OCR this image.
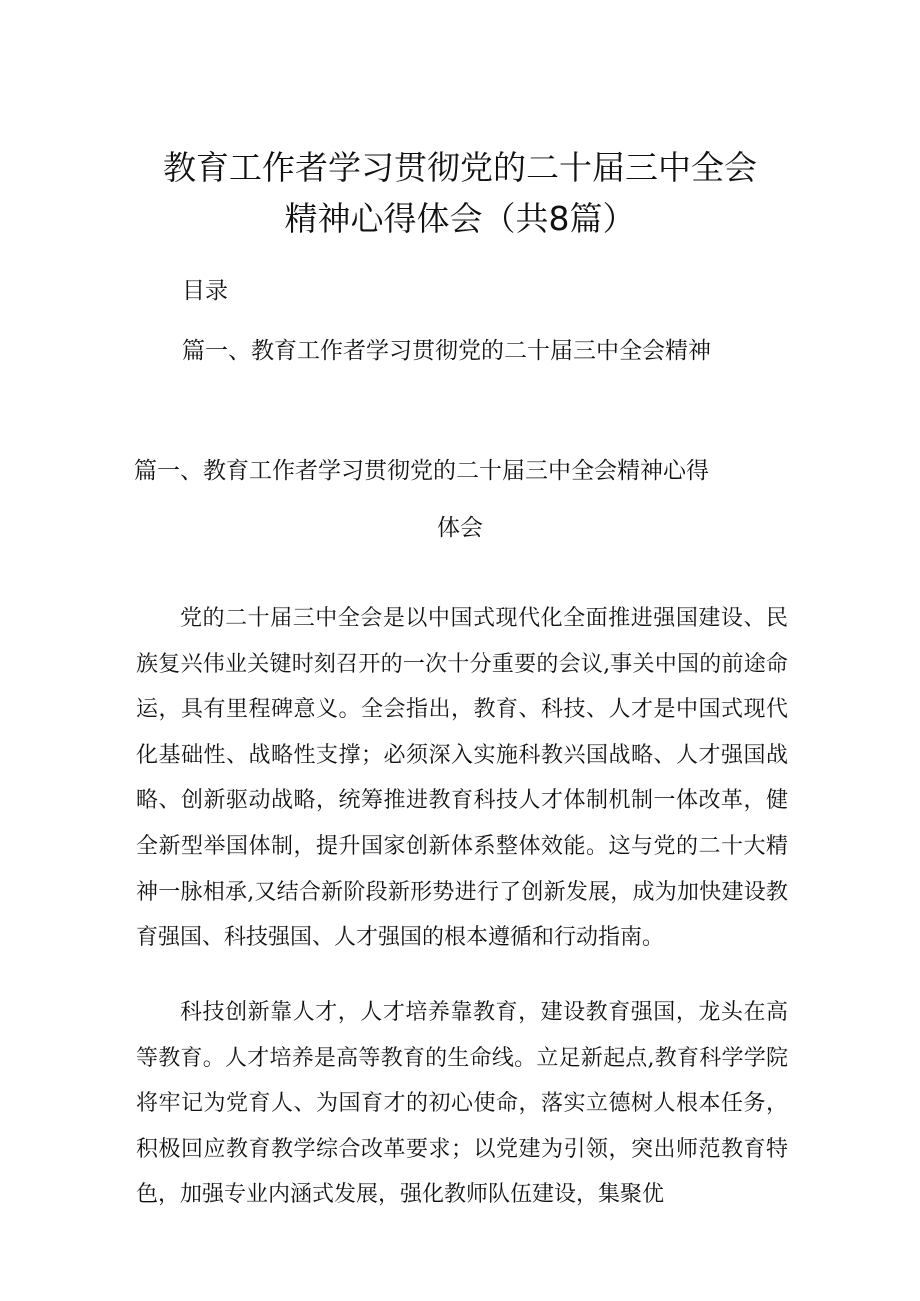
教育工作者学习贯彻党的二十届三中全会
精神心得体会（共8篇）
目录
篇一、教育工作者学习贯彻党的二十届三中全会精神
篇一、教育工作者学习贯彻党的二十届三中全会精神心得
体会

党的二十届三中全会是以中国式现代化全面推进强国建设、民族复兴伟业关键时刻召开的一次十分重要的会议,事关中国的前途命运，具有里程碑意义。全会指出，教育、科技、人才是中国式现代化基础性、战略性支撑；必须深入实施科教兴国战略、人才强国战略、创新驱动战略，统筹推进教育科技人才体制机制一体改革，健全新型举国体制，提升国家创新体系整体效能。这与党的二十大精神一脉相承,又结合新阶段新形势进行了创新发展，成为加快建设教育强国、科技强国、人才强国的根本遵循和行动指南。

科技创新靠人才，人才培养靠教育，建设教育强国，龙头在高等教育。人才培养是高等教育的生命线。立足新起点,教育科学学院将牢记为党育人、为国育才的初心使命，落实立德树人根本任务，积极回应教育教学综合改革要求；以党建为引领，突出师范教育特色，加强专业内涵式发展，强化教师队伍建设，集聚优
